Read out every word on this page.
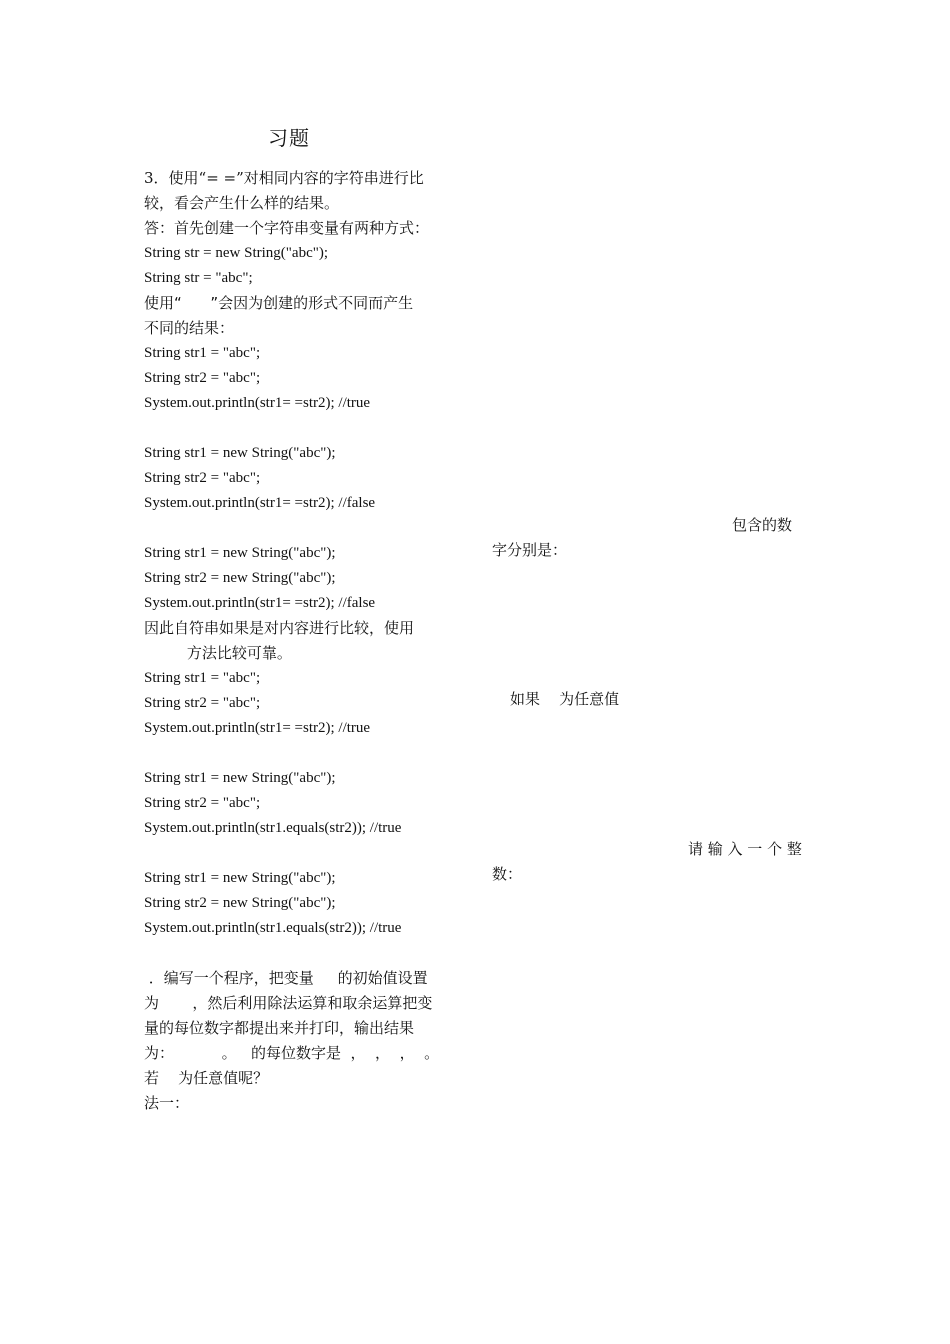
习题
3．使用“= =”对相同内容的字符串进行比
较，看会产生什么样的结果。
答：首先创建一个字符串变量有两种方式：
String str = new String("abc");
String str = "abc";
使用“      ”会因为创建的形式不同而产生
不同的结果：
String str1 = "abc";
String str2 = "abc";
System.out.println(str1= =str2); //true
String str1 = new String("abc");
String str2 = "abc";
System.out.println(str1= =str2); //false
String str1 = new String("abc");
String str2 = new String("abc");
System.out.println(str1= =str2); //false
因此自符串如果是对内容进行比较，使用
方法比较可靠。
String str1 = "abc";
String str2 = "abc";
System.out.println(str1= =str2); //true
String str1 = new String("abc");
String str2 = "abc";
System.out.println(str1.equals(str2)); //true
String str1 = new String("abc");
String str2 = new String("abc");
System.out.println(str1.equals(str2)); //true
．编写一个程序，把变量     的初始值设置
为       ，然后利用除法运算和取余运算把变
量的每位数字都提出来并打印，输出结果
为：          。   的每位数字是  ，  ，  ，  。
若    为任意值呢？
法一：
包含的数
字分别是：
如果    为任意值
请 输 入 一 个 整
数：
